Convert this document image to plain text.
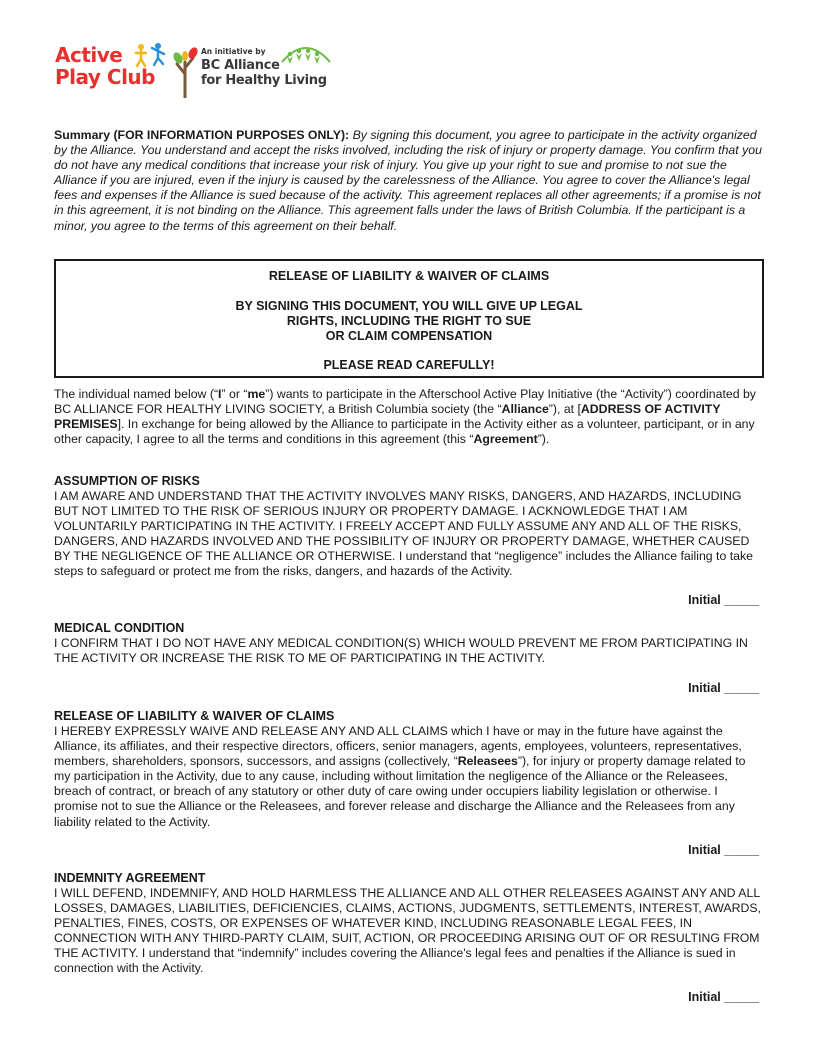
Active
Play Club
An initiative by
BC Alliance
for Healthy Living
Summary (FOR INFORMATION PURPOSES ONLY): By signing this document, you agree to participate in the activity organized by the Alliance. You understand and accept the risks involved, including the risk of injury or property damage. You confirm that you do not have any medical conditions that increase your risk of injury. You give up your right to sue and promise to not sue the Alliance if you are injured, even if the injury is caused by the carelessness of the Alliance. You agree to cover the Alliance's legal fees and expenses if the Alliance is sued because of the activity. This agreement replaces all other agreements; if a promise is not in this agreement, it is not binding on the Alliance. This agreement falls under the laws of British Columbia. If the participant is a minor, you agree to the terms of this agreement on their behalf.
RELEASE OF LIABILITY & WAIVER OF CLAIMS
BY SIGNING THIS DOCUMENT, YOU WILL GIVE UP LEGAL
RIGHTS, INCLUDING THE RIGHT TO SUE
OR CLAIM COMPENSATION
PLEASE READ CAREFULLY!
The individual named below (“I” or “me”) wants to participate in the Afterschool Active Play Initiative (the “Activity”) coordinated by BC ALLIANCE FOR HEALTHY LIVING SOCIETY, a British Columbia society (the “Alliance”), at [ADDRESS OF ACTIVITY PREMISES]. In exchange for being allowed by the Alliance to participate in the Activity either as a volunteer, participant, or in any other capacity, I agree to all the terms and conditions in this agreement (this “Agreement”).
ASSUMPTION OF RISKS
I AM AWARE AND UNDERSTAND THAT THE ACTIVITY INVOLVES MANY RISKS, DANGERS, AND HAZARDS, INCLUDING BUT NOT LIMITED TO THE RISK OF SERIOUS INJURY OR PROPERTY DAMAGE. I ACKNOWLEDGE THAT I AM VOLUNTARILY PARTICIPATING IN THE ACTIVITY. I FREELY ACCEPT AND FULLY ASSUME ANY AND ALL OF THE RISKS, DANGERS, AND HAZARDS INVOLVED AND THE POSSIBILITY OF INJURY OR PROPERTY DAMAGE, WHETHER CAUSED BY THE NEGLIGENCE OF THE ALLIANCE OR OTHERWISE. I understand that “negligence” includes the Alliance failing to take steps to safeguard or protect me from the risks, dangers, and hazards of the Activity.
Initial _____
MEDICAL CONDITION
I CONFIRM THAT I DO NOT HAVE ANY MEDICAL CONDITION(S) WHICH WOULD PREVENT ME FROM PARTICIPATING IN THE ACTIVITY OR INCREASE THE RISK TO ME OF PARTICIPATING IN THE ACTIVITY.
Initial _____
RELEASE OF LIABILITY & WAIVER OF CLAIMS
I HEREBY EXPRESSLY WAIVE AND RELEASE ANY AND ALL CLAIMS which I have or may in the future have against the Alliance, its affiliates, and their respective directors, officers, senior managers, agents, employees, volunteers, representatives, members, shareholders, sponsors, successors, and assigns (collectively, “Releasees”), for injury or property damage related to my participation in the Activity, due to any cause, including without limitation the negligence of the Alliance or the Releasees, breach of contract, or breach of any statutory or other duty of care owing under occupiers liability legislation or otherwise. I promise not to sue the Alliance or the Releasees, and forever release and discharge the Alliance and the Releasees from any liability related to the Activity.
Initial _____
INDEMNITY AGREEMENT
I WILL DEFEND, INDEMNIFY, AND HOLD HARMLESS THE ALLIANCE AND ALL OTHER RELEASEES AGAINST ANY AND ALL LOSSES, DAMAGES, LIABILITIES, DEFICIENCIES, CLAIMS, ACTIONS, JUDGMENTS, SETTLEMENTS, INTEREST, AWARDS, PENALTIES, FINES, COSTS, OR EXPENSES OF WHATEVER KIND, INCLUDING REASONABLE LEGAL FEES, IN CONNECTION WITH ANY THIRD-PARTY CLAIM, SUIT, ACTION, OR PROCEEDING ARISING OUT OF OR RESULTING FROM THE ACTIVITY. I understand that “indemnify” includes covering the Alliance's legal fees and penalties if the Alliance is sued in connection with the Activity.
Initial _____
